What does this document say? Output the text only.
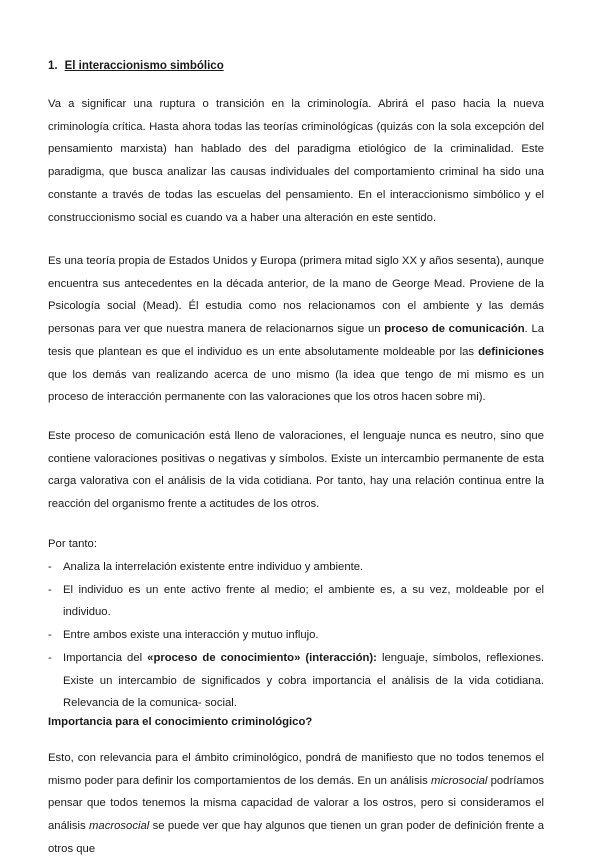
1. El interaccionismo simbólico

Va a significar una ruptura o transición en la criminología. Abrirá el paso hacia la nueva criminología crítica. Hasta ahora todas las teorías criminológicas (quizás con la sola excepción del pensamiento marxista) han hablado des del paradigma etiológico de la criminalidad. Este paradigma, que busca analizar las causas individuales del comportamiento criminal ha sido una constante a través de todas las escuelas del pensamiento. En el interaccionismo simbólico y el construccionismo social es cuando va a haber una alteración en este sentido.

Es una teoría propia de Estados Unidos y Europa (primera mitad siglo XX y años sesenta), aunque encuentra sus antecedentes en la década anterior, de la mano de George Mead. Proviene de la Psicología social (Mead). Él estudia como nos relacionamos con el ambiente y las demás personas para ver que nuestra manera de relacionarnos sigue un proceso de comunicación. La tesis que plantean es que el individuo es un ente absolutamente moldeable por las definiciones que los demás van realizando acerca de uno mismo (la idea que tengo de mi mismo es un proceso de interacción permanente con las valoraciones que los otros hacen sobre mi).

Este proceso de comunicación está lleno de valoraciones, el lenguaje nunca es neutro, sino que contiene valoraciones positivas o negativas y símbolos. Existe un intercambio permanente de esta carga valorativa con el análisis de la vida cotidiana. Por tanto, hay una relación continua entre la reacción del organismo frente a actitudes de los otros.

Por tanto:

- Analiza la interrelación existente entre individuo y ambiente.
- El individuo es un ente activo frente al medio; el ambiente es, a su vez, moldeable por el individuo.
- Entre ambos existe una interacción y mutuo influjo.
- Importancia del «proceso de conocimiento» (interacción): lenguaje, símbolos, reflexiones. Existe un intercambio de significados y cobra importancia el análisis de la vida cotidiana. Relevancia de la comunica- social.

Importancia para el conocimiento criminológico?

Esto, con relevancia para el ámbito criminológico, pondrá de manifiesto que no todos tenemos el mismo poder para definir los comportamientos de los demás. En un análisis microsocial podríamos pensar que todos tenemos la misma capacidad de valorar a los ostros, pero si consideramos el análisis macrosocial se puede ver que hay algunos que tienen un gran poder de definición frente a otros que
